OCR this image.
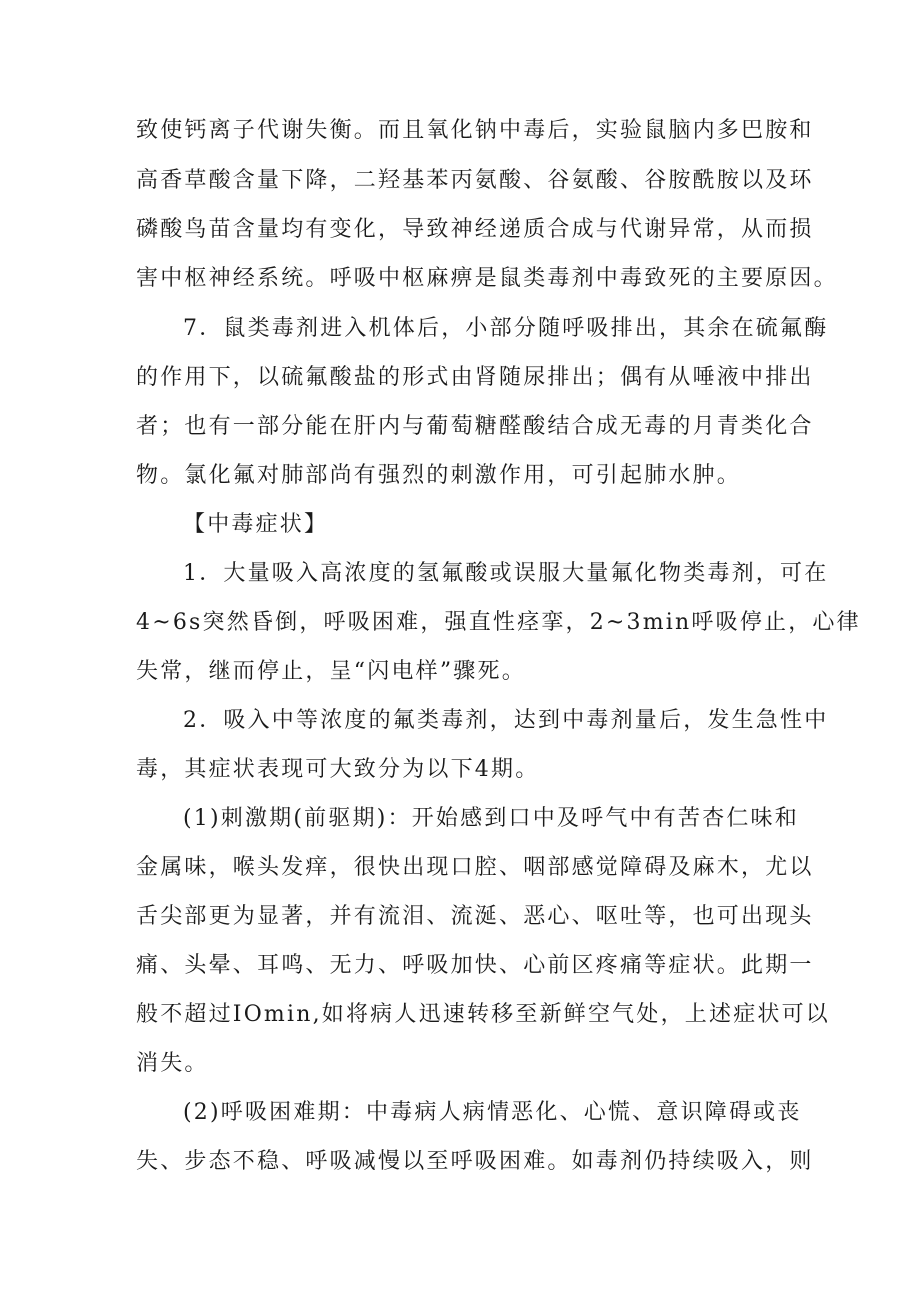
致使钙离子代谢失衡。而且氧化钠中毒后，实验鼠脑内多巴胺和
高香草酸含量下降，二羟基苯丙氨酸、谷氨酸、谷胺酰胺以及环
磷酸鸟苗含量均有变化，导致神经递质合成与代谢异常，从而损
害中枢神经系统。呼吸中枢麻痹是鼠类毒剂中毒致死的主要原因。
7．鼠类毒剂进入机体后，小部分随呼吸排出，其余在硫氟酶
的作用下，以硫氟酸盐的形式由肾随尿排出；偶有从唾液中排出
者；也有一部分能在肝内与葡萄糖醛酸结合成无毒的月青类化合
物。氯化氟对肺部尚有强烈的刺激作用，可引起肺水肿。
【中毒症状】
1．大量吸入高浓度的氢氟酸或误服大量氟化物类毒剂，可在
4~6s突然昏倒，呼吸困难，强直性痉挛，2~3min呼吸停止，心律
失常，继而停止，呈“闪电样”骤死。
2．吸入中等浓度的氟类毒剂，达到中毒剂量后，发生急性中
毒，其症状表现可大致分为以下4期。
(1)刺激期(前驱期)：开始感到口中及呼气中有苦杏仁味和
金属味，喉头发痒，很快出现口腔、咽部感觉障碍及麻木，尤以
舌尖部更为显著，并有流泪、流涎、恶心、呕吐等，也可出现头
痛、头晕、耳鸣、无力、呼吸加快、心前区疼痛等症状。此期一
般不超过IOmin,如将病人迅速转移至新鲜空气处，上述症状可以
消失。
(2)呼吸困难期：中毒病人病情恶化、心慌、意识障碍或丧
失、步态不稳、呼吸减慢以至呼吸困难。如毒剂仍持续吸入，则
